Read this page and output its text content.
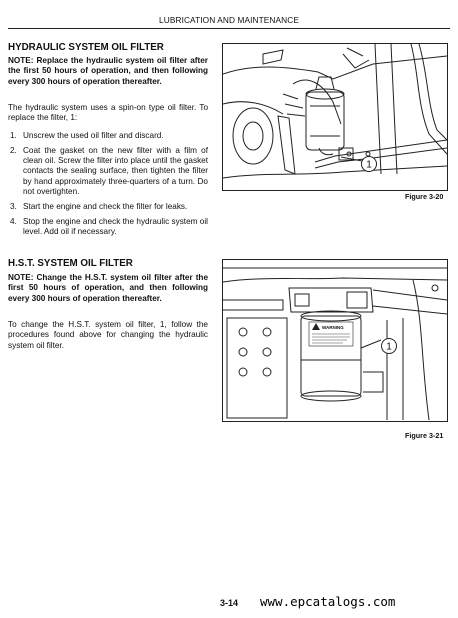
LUBRICATION AND MAINTENANCE
HYDRAULIC SYSTEM OIL FILTER
NOTE: Replace the hydraulic system oil filter after the first 50 hours of operation, and then following every 300 hours of operation thereafter.
The hydraulic system uses a spin-on type oil filter. To replace the filter, 1:
1. Unscrew the used oil filter and discard.
2. Coat the gasket on the new filter with a film of clean oil. Screw the filter into place until the gasket contacts the sealing surface, then tighten the filter by hand approximately three-quarters of a turn. Do not overtighten.
3. Start the engine and check the filter for leaks.
4. Stop the engine and check the hydraulic system oil level. Add oil if necessary.
1
Figure 3-20
H.S.T. SYSTEM OIL FILTER
NOTE: Change the H.S.T. system oil filter after the first 50 hours of operation, and then following every 300 hours of operation thereafter.
To change the H.S.T. system oil filter, 1, follow the procedures found above for changing the hydraulic system oil filter.
WARNING
1
Figure 3-21
3-14	www.epcatalogs.com
